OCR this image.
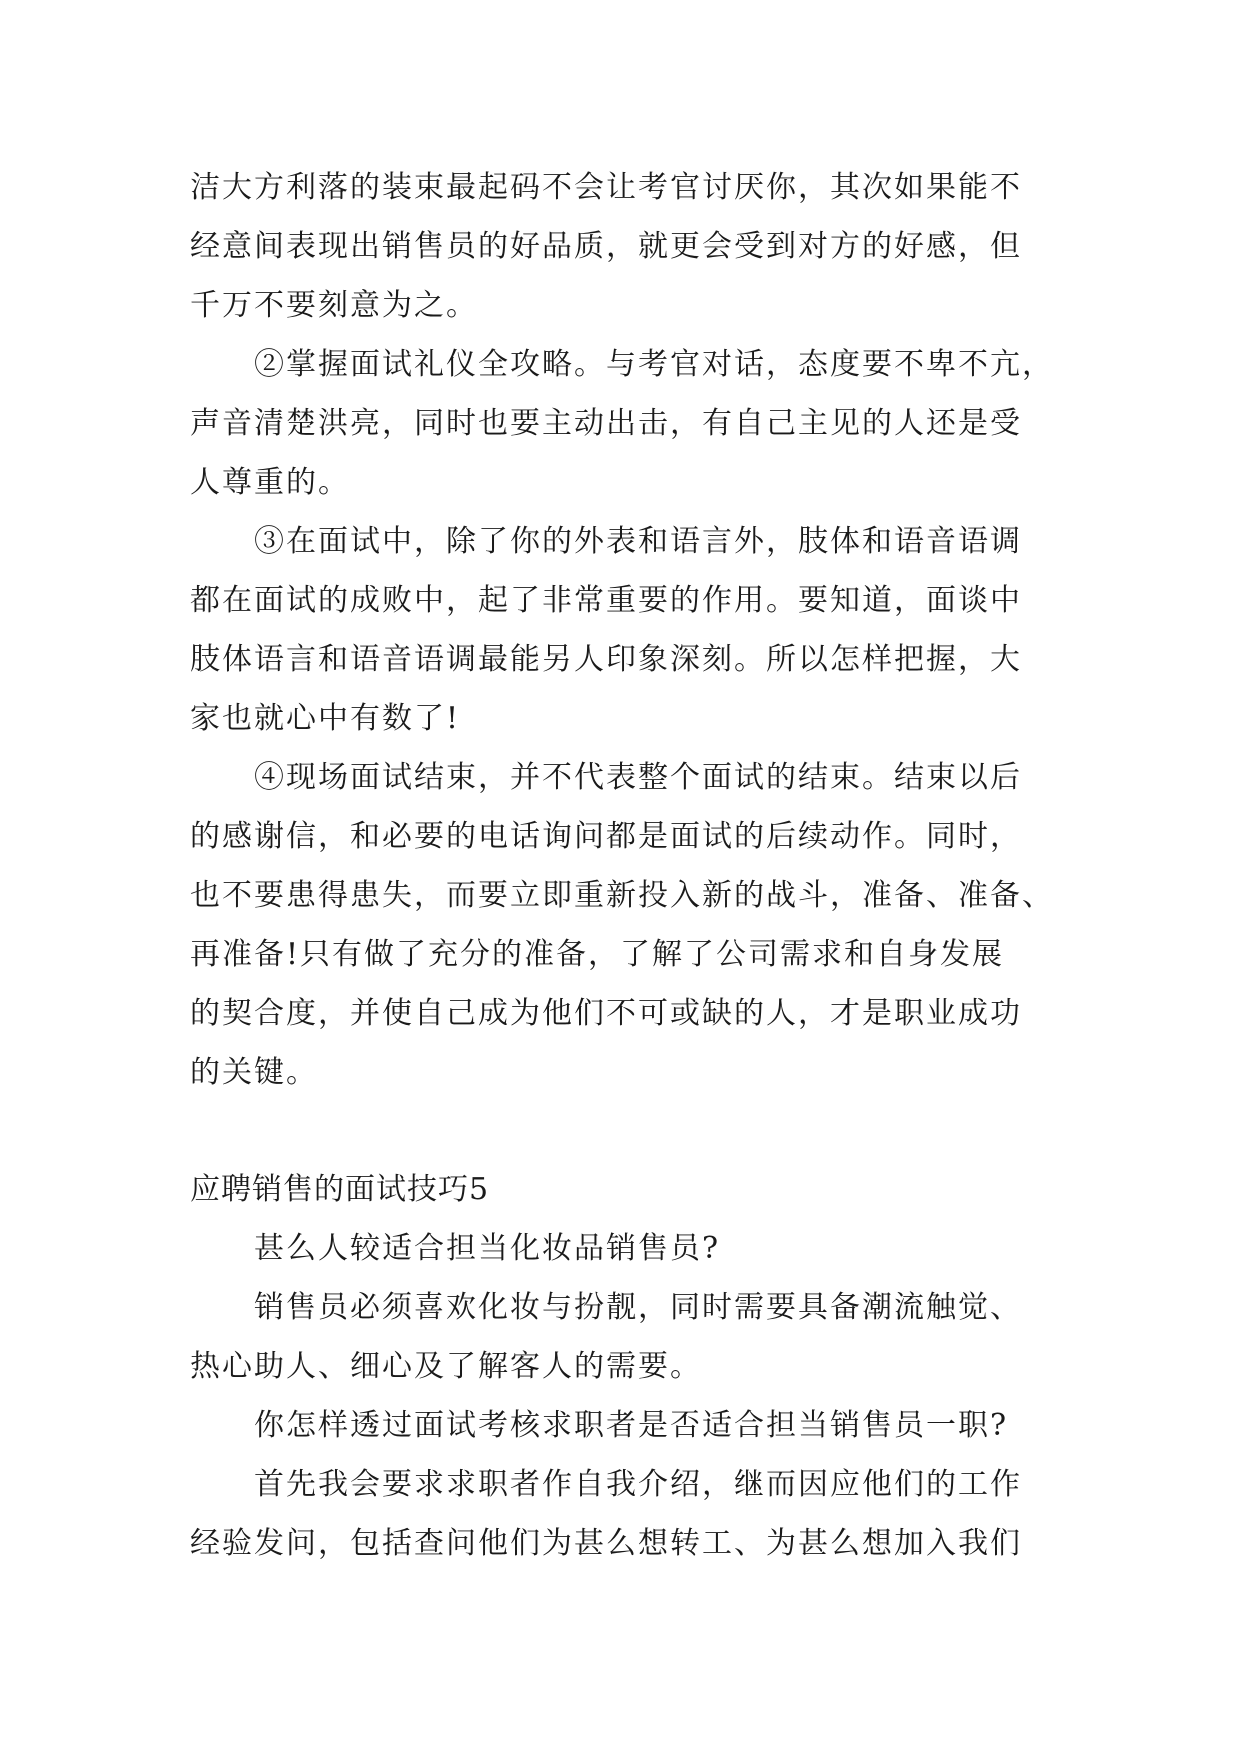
洁大方利落的装束最起码不会让考官讨厌你，其次如果能不
经意间表现出销售员的好品质，就更会受到对方的好感，但
千万不要刻意为之。
②掌握面试礼仪全攻略。与考官对话，态度要不卑不亢，
声音清楚洪亮，同时也要主动出击，有自己主见的人还是受
人尊重的。
③在面试中，除了你的外表和语言外，肢体和语音语调
都在面试的成败中，起了非常重要的作用。要知道，面谈中
肢体语言和语音语调最能另人印象深刻。所以怎样把握，大
家也就心中有数了!
④现场面试结束，并不代表整个面试的结束。结束以后
的感谢信，和必要的电话询问都是面试的后续动作。同时，
也不要患得患失，而要立即重新投入新的战斗，准备、准备、
再准备!只有做了充分的准备，了解了公司需求和自身发展
的契合度，并使自己成为他们不可或缺的人，才是职业成功
的关键。
应聘销售的面试技巧5
甚么人较适合担当化妆品销售员?
销售员必须喜欢化妆与扮靓，同时需要具备潮流触觉、
热心助人、细心及了解客人的需要。
你怎样透过面试考核求职者是否适合担当销售员一职?
首先我会要求求职者作自我介绍，继而因应他们的工作
经验发问，包括查问他们为甚么想转工、为甚么想加入我们
